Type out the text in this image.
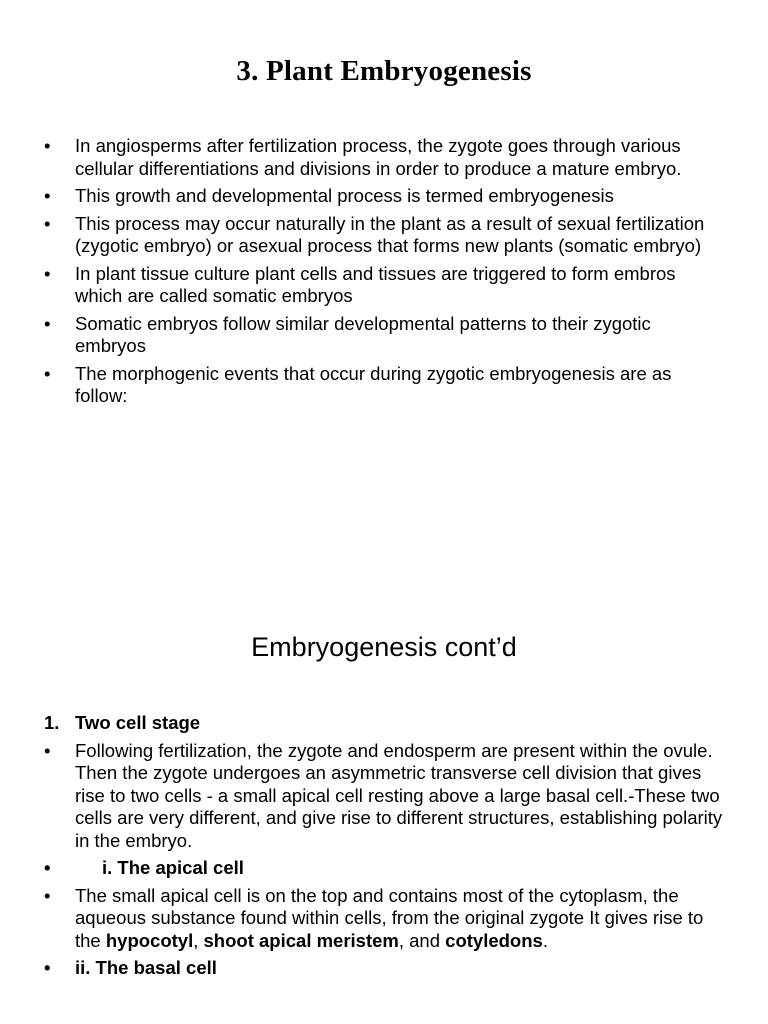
3. Plant Embryogenesis
•	In angiosperms after fertilization process, the zygote goes through various cellular differentiations and divisions in order to produce a mature embryo.
•	This growth and developmental process is termed embryogenesis
•	This process may occur naturally in the plant as a result of sexual fertilization (zygotic embryo) or asexual process that forms new plants (somatic embryo)
•	In plant tissue culture plant cells and tissues are triggered to form embros which are called somatic embryos
•	Somatic embryos follow similar developmental patterns to their zygotic embryos
•	The morphogenic events that occur during zygotic embryogenesis are as follow:
Embryogenesis cont’d
1. Two cell stage
•	Following fertilization, the zygote and endosperm are present within the ovule. Then the zygote undergoes an asymmetric transverse cell division that gives rise to two cells - a small apical cell resting above a large basal cell.-These two cells are very different, and give rise to different structures, establishing polarity in the embryo.
•	i. The apical cell
•	The small apical cell is on the top and contains most of the cytoplasm, the aqueous substance found within cells, from the original zygote It gives rise to the hypocotyl, shoot apical meristem, and cotyledons.
•	ii. The basal cell
